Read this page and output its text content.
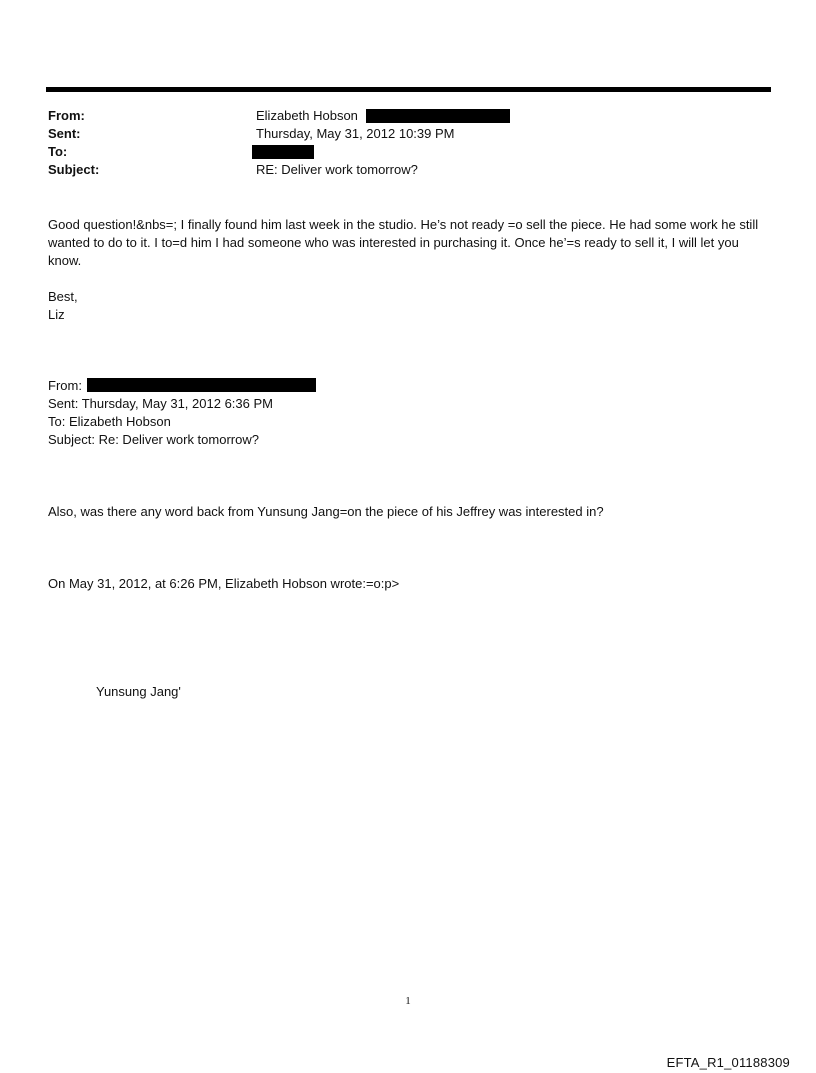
From:	Elizabeth Hobson
Sent:	Thursday, May 31, 2012 10:39 PM
To:
Subject:	RE: Deliver work tomorrow?
Good question!&nbs=; I finally found him last week in the studio. He’s not ready =o sell the piece. He had some work he still wanted to do to it. I to=d him I had someone who was interested in purchasing it. Once he’=s ready to sell it, I will let you know.
Best,
Liz
From:
Sent: Thursday, May 31, 2012 6:36 PM
To: Elizabeth Hobson
Subject: Re: Deliver work tomorrow?
Also, was there any word back from Yunsung Jang=on the piece of his Jeffrey was interested in?
On May 31, 2012, at 6:26 PM, Elizabeth Hobson wrote:=o:p>
Yunsung Jang'
1
EFTA_R1_01188309
